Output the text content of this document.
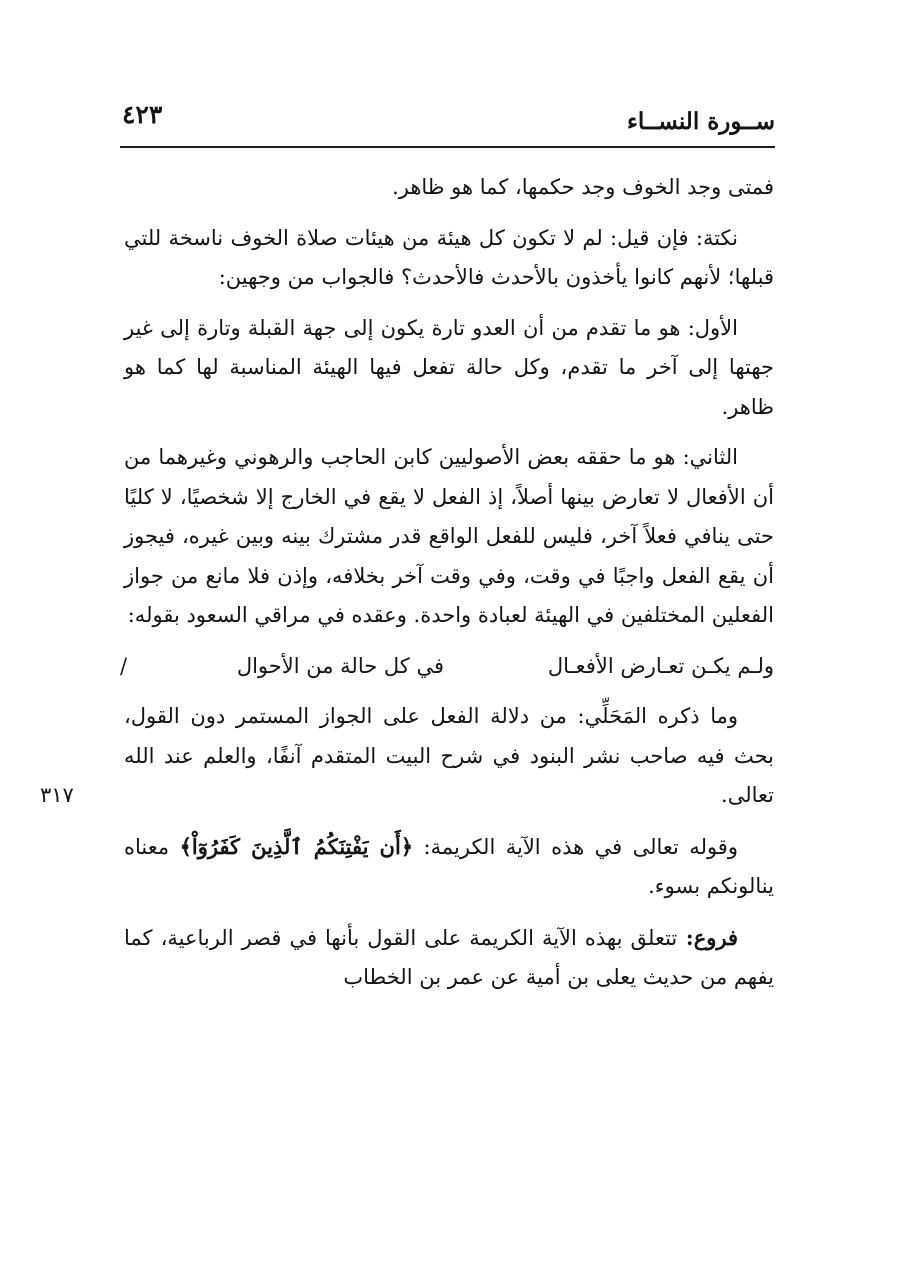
ســورة النســاء
٤٢٣
٣١٧

فمتى وجد الخوف وجد حكمها، كما هو ظاهر.

نكتة: فإن قيل: لم لا تكون كل هيئة من هيئات صلاة الخوف ناسخة للتي قبلها؛ لأنهم كانوا يأخذون بالأحدث فالأحدث؟ فالجواب من وجهين:

الأول: هو ما تقدم من أن العدو تارة يكون إلى جهة القبلة وتارة إلى غير جهتها إلى آخر ما تقدم، وكل حالة تفعل فيها الهيئة المناسبة لها كما هو ظاهر.

الثاني: هو ما حققه بعض الأصوليين كابن الحاجب والرهوني وغيرهما من أن الأفعال لا تعارض بينها أصلاً، إذ الفعل لا يقع في الخارج إلا شخصيًا، لا كليًا حتى ينافي فعلاً آخر، فليس للفعل الواقع قدر مشترك بينه وبين غيره، فيجوز أن يقع الفعل واجبًا في وقت، وفي وقت آخر بخلافه، وإذن فلا مانع من جواز الفعلين المختلفين في الهيئة لعبادة واحدة. وعقده في مراقي السعود بقوله:

ولـم يكـن تعـارض الأفعـال
في كل حالة من الأحوال
/

وما ذكره المَحَلِّي: من دلالة الفعل على الجواز المستمر دون القول، بحث فيه صاحب نشر البنود في شرح البيت المتقدم آنفًا، والعلم عند الله تعالى.

وقوله تعالى في هذه الآية الكريمة: ﴿أَن يَفْتِنَكُمُ ٱلَّذِينَ كَفَرُوٓاْ﴾ معناه ينالونكم بسوء.

فروع: تتعلق بهذه الآية الكريمة على القول بأنها في قصر الرباعية، كما يفهم من حديث يعلى بن أمية عن عمر بن الخطاب
